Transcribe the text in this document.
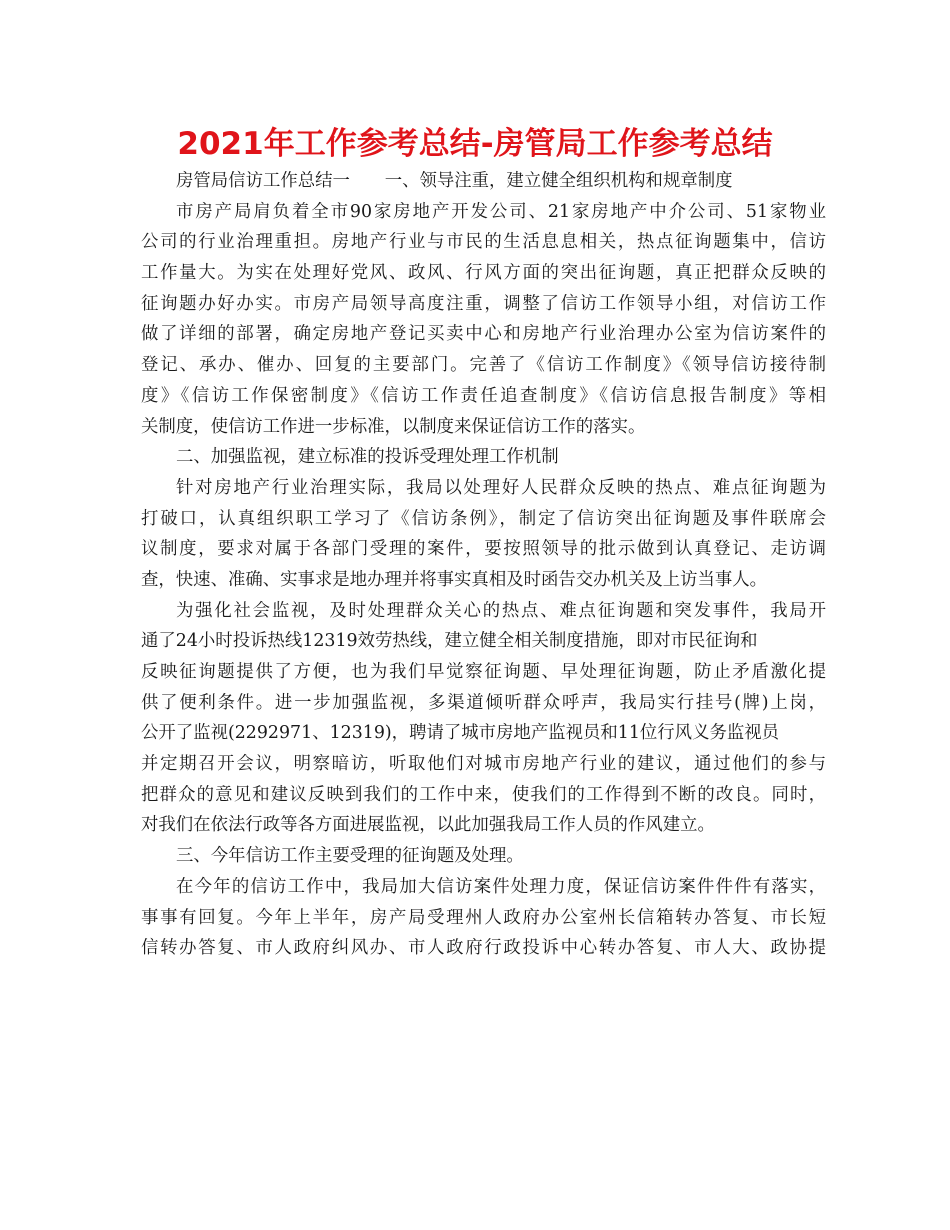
2021年工作参考总结-房管局工作参考总结
房管局信访工作总结一　　一、领导注重，建立健全组织机构和规章制度
市房产局肩负着全市90家房地产开发公司、21家房地产中介公司、51家物业
公司的行业治理重担。房地产行业与市民的生活息息相关，热点征询题集中，信访
工作量大。为实在处理好党风、政风、行风方面的突出征询题，真正把群众反映的
征询题办好办实。市房产局领导高度注重，调整了信访工作领导小组，对信访工作
做了详细的部署，确定房地产登记买卖中心和房地产行业治理办公室为信访案件的
登记、承办、催办、回复的主要部门。完善了《信访工作制度》《领导信访接待制
度》《信访工作保密制度》《信访工作责任追查制度》《信访信息报告制度》等相
关制度，使信访工作进一步标准，以制度来保证信访工作的落实。
二、加强监视，建立标准的投诉受理处理工作机制
针对房地产行业治理实际，我局以处理好人民群众反映的热点、难点征询题为
打破口，认真组织职工学习了《信访条例》，制定了信访突出征询题及事件联席会
议制度，要求对属于各部门受理的案件，要按照领导的批示做到认真登记、走访调
查，快速、准确、实事求是地办理并将事实真相及时函告交办机关及上访当事人。
为强化社会监视，及时处理群众关心的热点、难点征询题和突发事件，我局开
通了24小时投诉热线12319效劳热线，建立健全相关制度措施，即对市民征询和
反映征询题提供了方便，也为我们早觉察征询题、早处理征询题，防止矛盾激化提
供了便利条件。进一步加强监视，多渠道倾听群众呼声，我局实行挂号(牌)上岗，
公开了监视(2292971、12319)，聘请了城市房地产监视员和11位行风义务监视员
并定期召开会议，明察暗访，听取他们对城市房地产行业的建议，通过他们的参与
把群众的意见和建议反映到我们的工作中来，使我们的工作得到不断的改良。同时，
对我们在依法行政等各方面进展监视，以此加强我局工作人员的作风建立。
三、今年信访工作主要受理的征询题及处理。
在今年的信访工作中，我局加大信访案件处理力度，保证信访案件件件有落实，
事事有回复。今年上半年，房产局受理州人政府办公室州长信箱转办答复、市长短
信转办答复、市人政府纠风办、市人政府行政投诉中心转办答复、市人大、政协提
